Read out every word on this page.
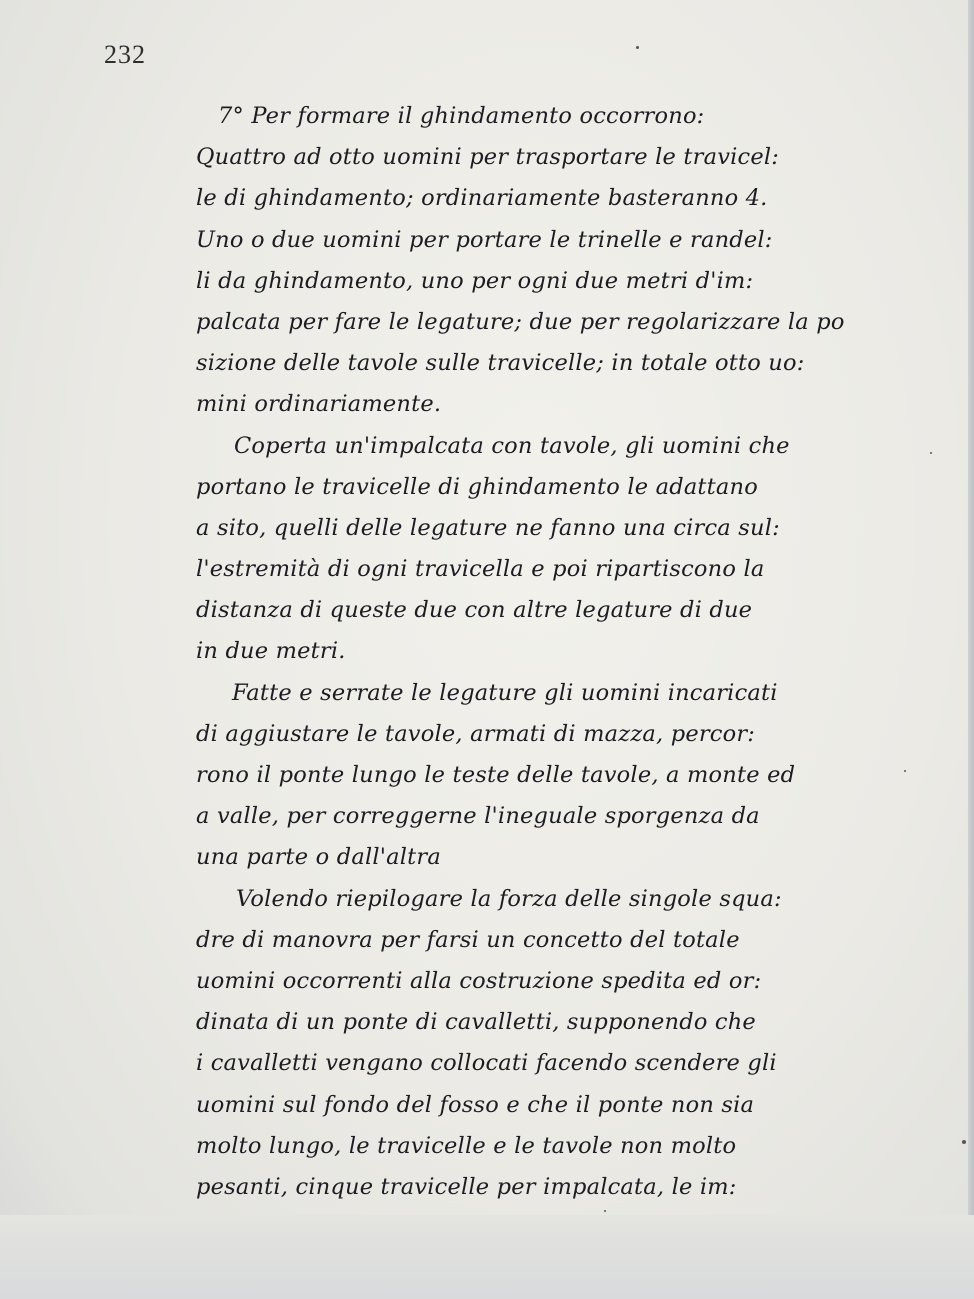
232
7° Per formare il ghindamento occorrono:
Quattro ad otto uomini per trasportare le travicel:
le di ghindamento; ordinariamente basteranno 4.
Uno o due uomini per portare le trinelle e randel:
li da ghindamento, uno per ogni due metri d'im:
palcata per fare le legature; due per regolarizzare la po
sizione delle tavole sulle travicelle; in totale otto uo:
mini ordinariamente.
Coperta un'impalcata con tavole, gli uomini che
portano le travicelle di ghindamento le adattano
a sito, quelli delle legature ne fanno una circa sul:
l'estremità di ogni travicella e poi ripartiscono la
distanza di queste due con altre legature di due
in due metri.
Fatte e serrate le legature gli uomini incaricati
di aggiustare le tavole, armati di mazza, percor:
rono il ponte lungo le teste delle tavole, a monte ed
a valle, per correggerne l'ineguale sporgenza da
una parte o dall'altra
Volendo riepilogare la forza delle singole squa:
dre di manovra per farsi un concetto del totale
uomini occorrenti alla costruzione spedita ed or:
dinata di un ponte di cavalletti, supponendo che
i cavalletti vengano collocati facendo scendere gli
uomini sul fondo del fosso e che il ponte non sia
molto lungo, le travicelle e le tavole non molto
pesanti, cinque travicelle per impalcata, le im:
